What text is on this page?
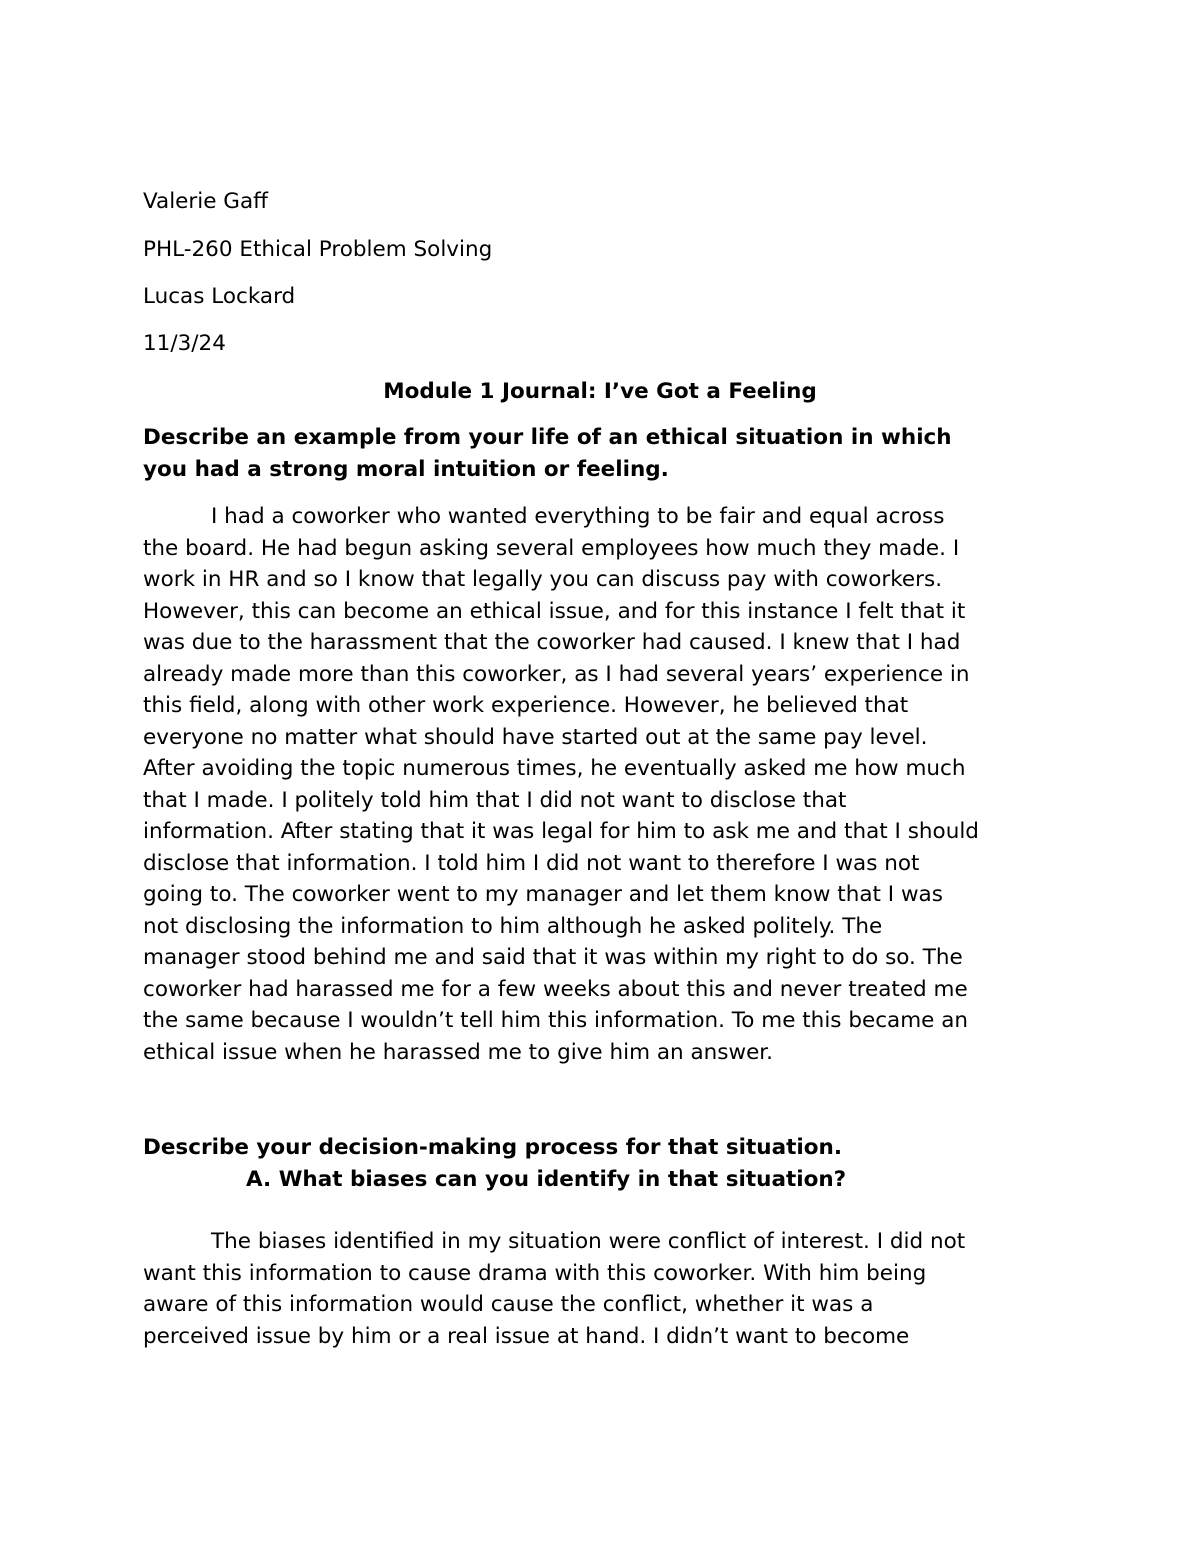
Valerie Gaff
PHL-260 Ethical Problem Solving
Lucas Lockard
11/3/24
Module 1 Journal: I’ve Got a Feeling
Describe an example from your life of an ethical situation in which
you had a strong moral intuition or feeling.
I had a coworker who wanted everything to be fair and equal across
the board. He had begun asking several employees how much they made. I
work in HR and so I know that legally you can discuss pay with coworkers.
However, this can become an ethical issue, and for this instance I felt that it
was due to the harassment that the coworker had caused. I knew that I had
already made more than this coworker, as I had several years’ experience in
this field, along with other work experience. However, he believed that
everyone no matter what should have started out at the same pay level.
After avoiding the topic numerous times, he eventually asked me how much
that I made. I politely told him that I did not want to disclose that
information. After stating that it was legal for him to ask me and that I should
disclose that information. I told him I did not want to therefore I was not
going to. The coworker went to my manager and let them know that I was
not disclosing the information to him although he asked politely. The
manager stood behind me and said that it was within my right to do so. The
coworker had harassed me for a few weeks about this and never treated me
the same because I wouldn’t tell him this information. To me this became an
ethical issue when he harassed me to give him an answer.
Describe your decision-making process for that situation.
A. What biases can you identify in that situation?
The biases identified in my situation were conflict of interest. I did not
want this information to cause drama with this coworker. With him being
aware of this information would cause the conflict, whether it was a
perceived issue by him or a real issue at hand. I didn’t want to become
